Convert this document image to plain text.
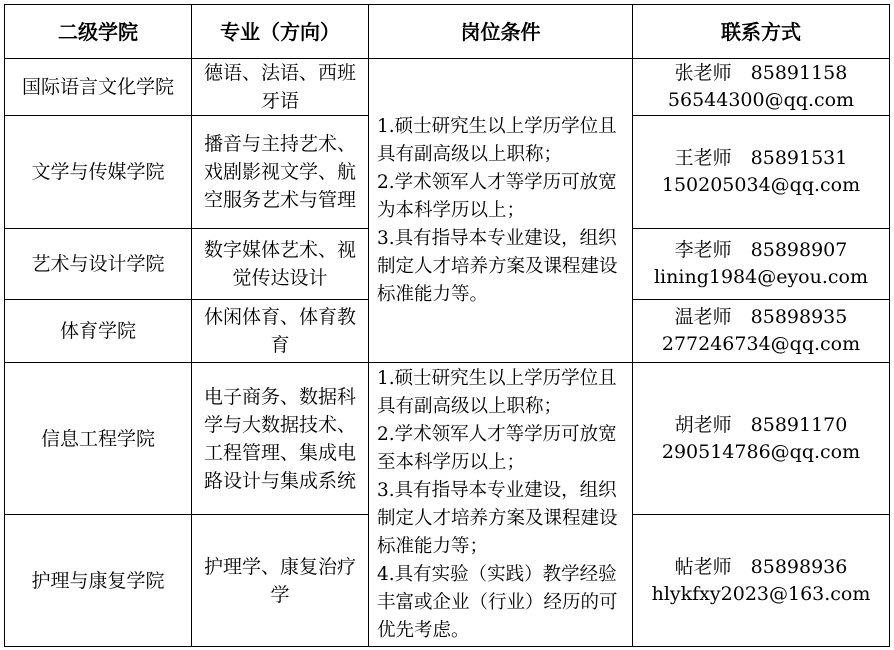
二级学院	专业（方向）	岗位条件	联系方式
国际语言文化学院	德语、法语、西班牙语	1.硕士研究生以上学历学位且具有副高级以上职称；
2.学术领军人才等学历可放宽为本科学历以上；
3.具有指导本专业建设，组织制定人才培养方案及课程建设标准能力等。	张老师　85891158
56544300@qq.com

文学与传媒学院	播音与主持艺术、戏剧影视文学、航空服务艺术与管理		王老师　85891531
150205034@qq.com

艺术与设计学院	数字媒体艺术、视觉传达设计		李老师　85898907
lining1984@eyou.com

体育学院	休闲体育、体育教育		温老师　85898935
277246734@qq.com

信息工程学院	电子商务、数据科学与大数据技术、工程管理、集成电路设计与集成系统	1.硕士研究生以上学历学位且具有副高级以上职称；
2.学术领军人才等学历可放宽至本科学历以上；
3.具有指导本专业建设，组织制定人才培养方案及课程建设标准能力等；
4.具有实验（实践）教学经验丰富或企业（行业）经历的可优先考虑。	胡老师　85891170
290514786@qq.com

护理与康复学院	护理学、康复治疗学		帖老师　85898936
hlykfxy2023@163.com
